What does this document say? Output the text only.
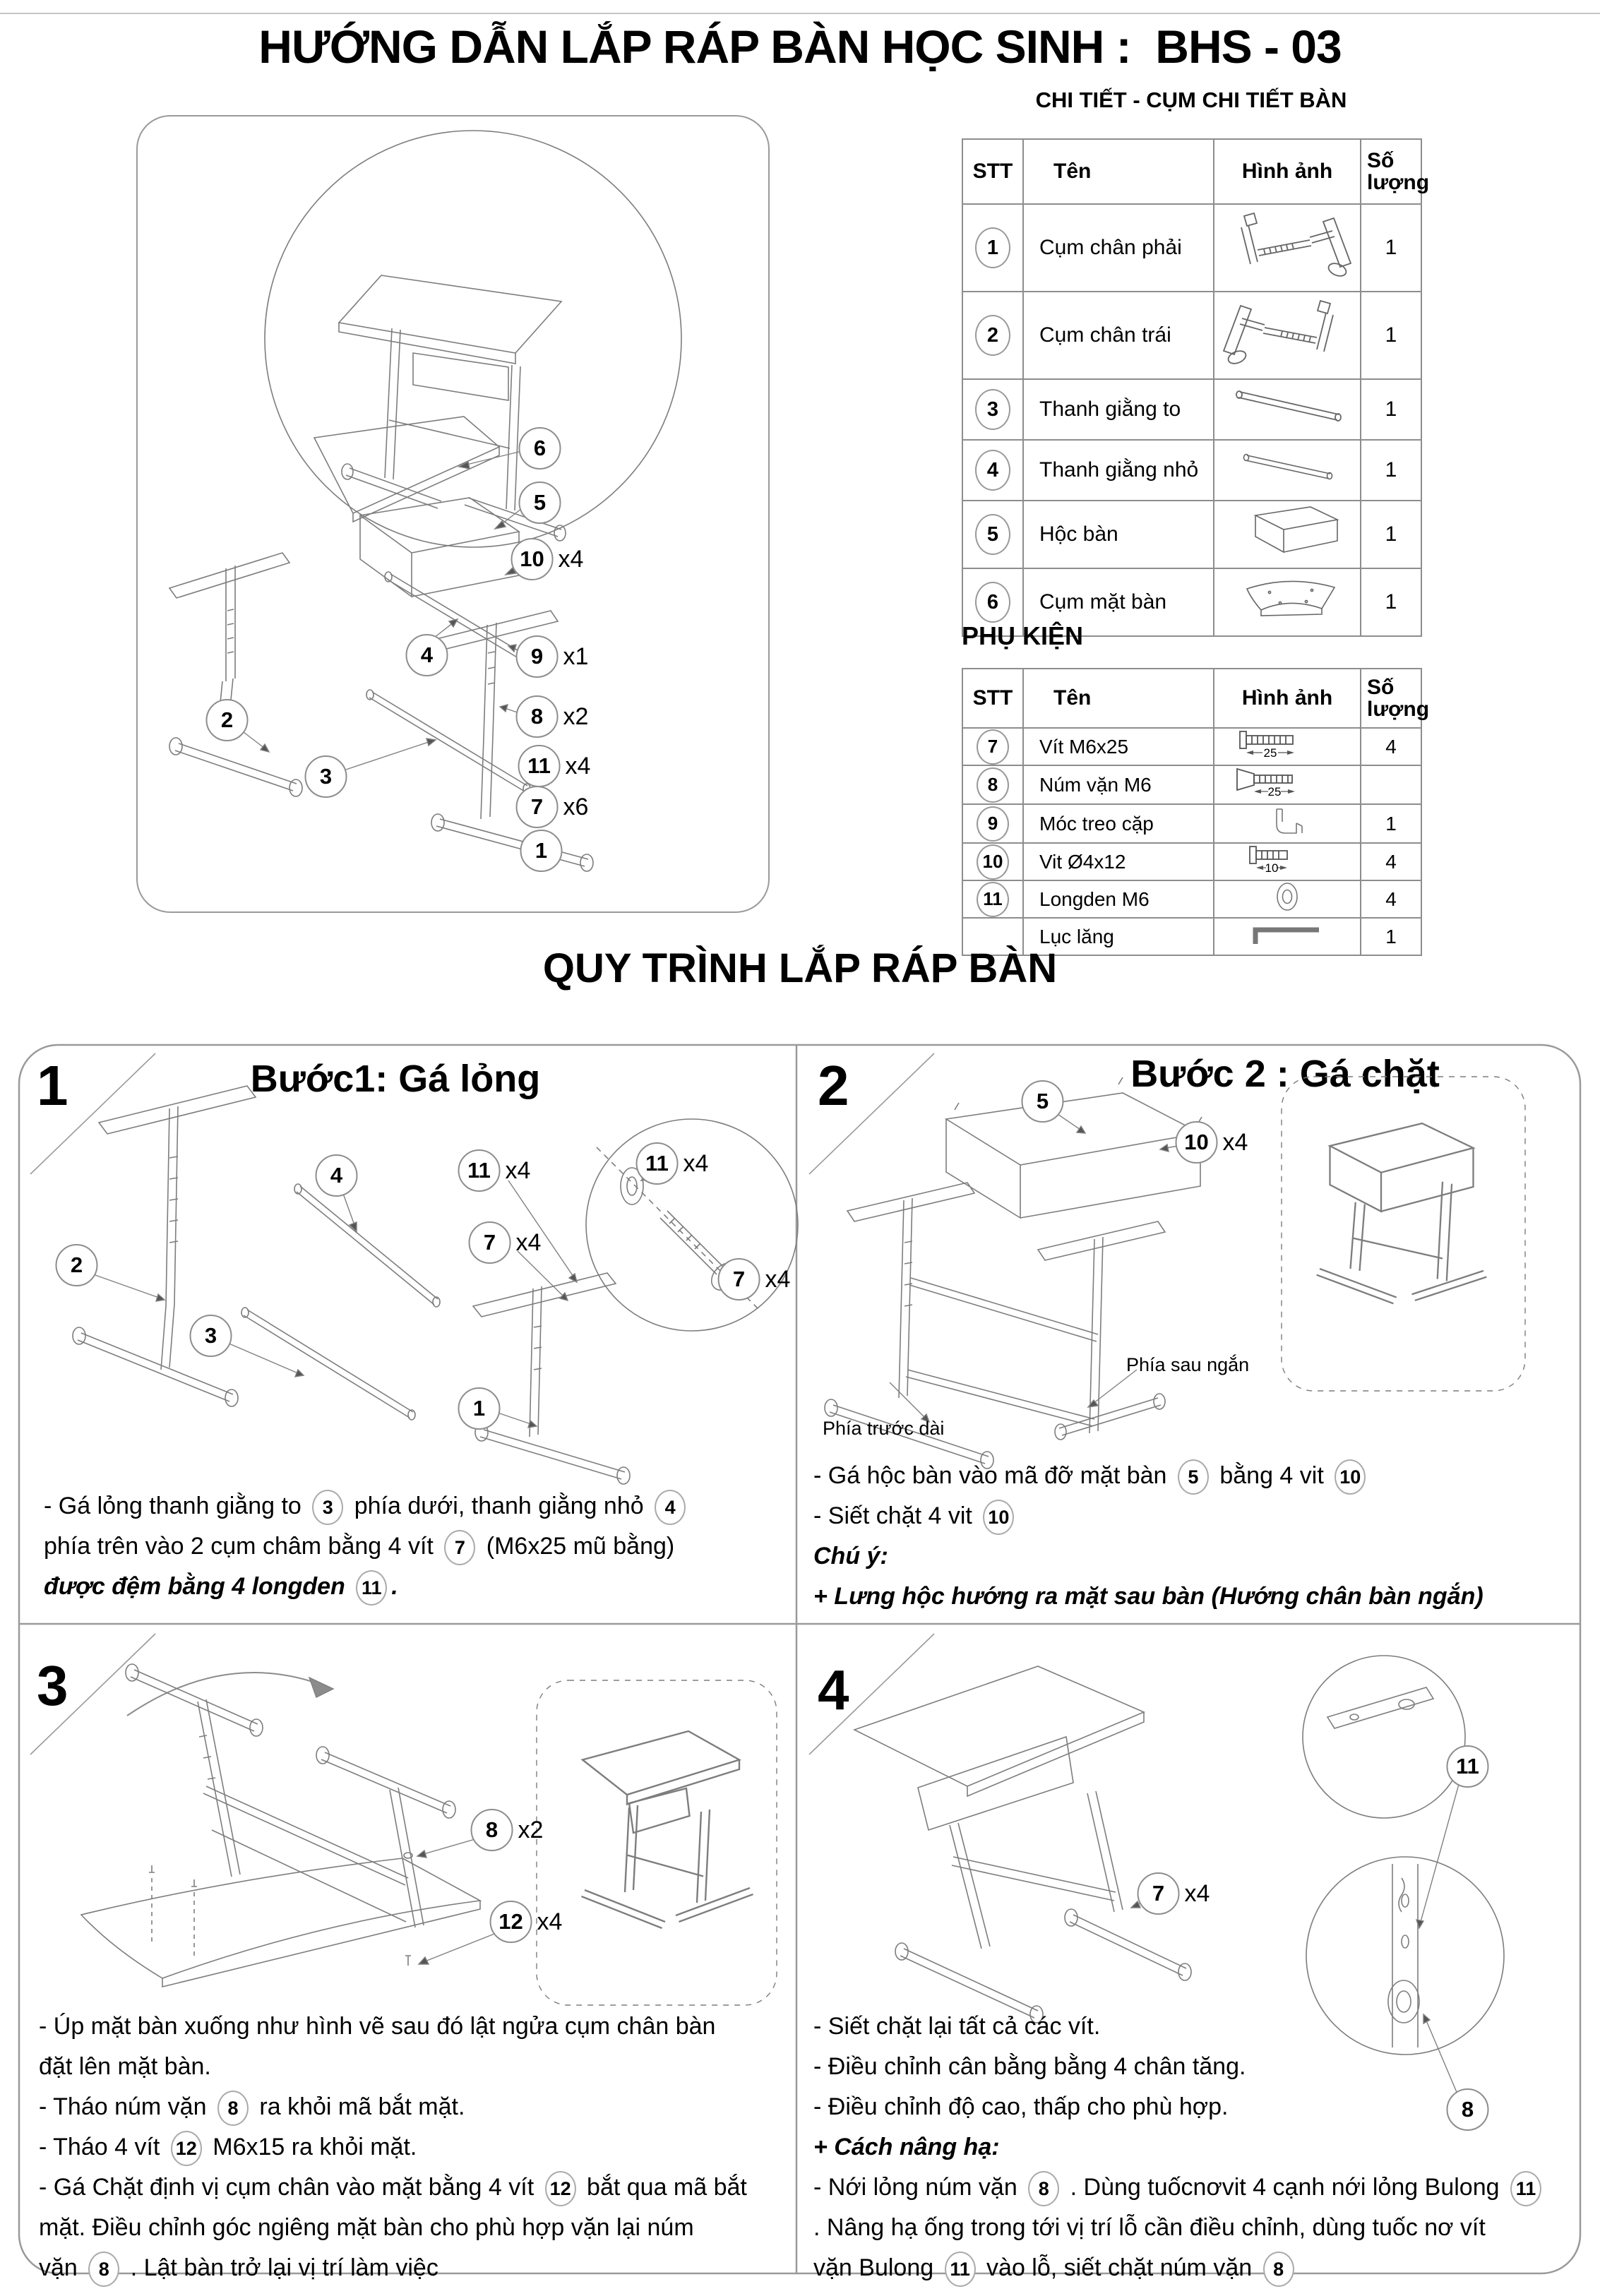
HƯỚNG DẪN LẮP RÁP BÀN HỌC SINH :  BHS - 03
6
5
10 x4
4	9 x1
2	8 x2
3	11 x4
7 x6
1
CHI TIẾT - CỤM CHI TIẾT BÀN
STT	Tên	Hình ảnh	Số lượng
1	Cụm chân phải		1
2	Cụm chân trái		1
3	Thanh giằng to		1
4	Thanh giằng nhỏ		1
5	Hộc bàn		1
6	Cụm mặt bàn		1
PHỤ KIỆN
STT	Tên	Hình ảnh	Số lượng
7	Vít M6x25	25	4
8	Núm vặn M6	25	

9	Móc treo cặp		1
10	Vit Ø4x12	10	4
11	Longden M6		4
	Lục lăng		1
QUY TRÌNH LẮP RÁP BÀN
1	2
3	4
Bước1: Gá lỏng	Bước 2 : Gá chặt
4	11 x4
7 x4
2
3
1
11 x4
7 x4
- Gá lỏng thanh giằng to 3 phía dưới, thanh giằng nhỏ 4
phía trên vào 2 cụm châm bằng 4 vít 7 (M6x25 mũ bằng)
được đệm bằng 4 longden 11 .
5
10 x4
Phía sau ngắn
Phía trước dài
- Gá hộc bàn vào mã đỡ mặt bàn 5 bằng 4 vit 10
- Siết chặt 4 vit 10
Chú ý:
+ Lưng hộc hướng ra mặt sau bàn (Hướng chân bàn ngắn)
8 x2
12 x4
- Úp mặt bàn xuống như hình vẽ sau đó lật ngửa cụm chân bàn
đặt lên mặt bàn.
- Tháo núm vặn 8 ra khỏi mã bắt mặt.
- Tháo 4 vít 12 M6x15 ra khỏi mặt.
- Gá Chặt định vị cụm chân vào mặt bằng 4 vít 12 bắt qua mã bắt
mặt. Điều chỉnh góc ngiêng mặt bàn cho phù hợp vặn lại núm
vặn 8 . Lật bàn trở lại vị trí làm việc
7 x4
11
8
- Siết chặt lại tất cả các vít.
- Điều chỉnh cân bằng bằng 4 chân tăng.
- Điều chỉnh độ cao, thấp cho phù hợp.
+ Cách nâng hạ:
- Nới lỏng núm vặn 8 . Dùng tuốcnơvit 4 cạnh nới lỏng Bulong 11
. Nâng hạ ống trong tới vị trí lỗ cần điều chỉnh, dùng tuốc nơ vít
vặn Bulong 11 vào lỗ, siết chặt núm vặn 8
